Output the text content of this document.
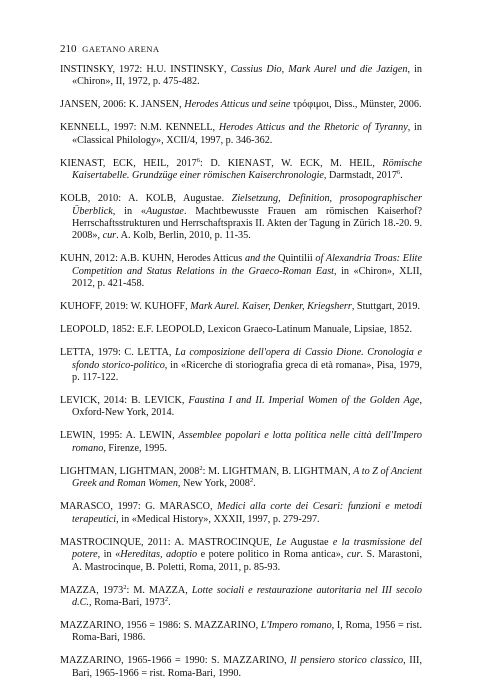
210 GAETANO ARENA
INSTINSKY, 1972: H.U. INSTINSKY, Cassius Dio, Mark Aurel und die Jazigen, in «Chiron», II, 1972, p. 475-482.
JANSEN, 2006: K. JANSEN, Herodes Atticus und seine τρόφιμοι, Diss., Münster, 2006.
KENNELL, 1997: N.M. KENNELL, Herodes Atticus and the Rhetoric of Tyranny, in «Classical Philology», XCII/4, 1997, p. 346-362.
KIENAST, ECK, HEIL, 2017$^6$: D. KIENAST, W. ECK, M. HEIL, Römische Kaisertabelle. Grundzüge einer römischen Kaiserchronologie, Darmstadt, 2017$^6$.
KOLB, 2010: A. KOLB, Augustae. Zielsetzung, Definition, prosopographischer Überblick, in «Augustae. Machtbewusste Frauen am römischen Kaiserhof? Herrschaftsstrukturen und Herrschaftspraxis II. Akten der Tagung in Zürich 18.-20. 9. 2008», cur. A. Kolb, Berlin, 2010, p. 11-35.
KUHN, 2012: A.B. KUHN, Herodes Atticus and the Quintilii of Alexandria Troas: Elite Competition and Status Relations in the Graeco-Roman East, in «Chiron», XLII, 2012, p. 421-458.
KUHOFF, 2019: W. KUHOFF, Mark Aurel. Kaiser, Denker, Kriegsherr, Stuttgart, 2019.
LEOPOLD, 1852: E.F. LEOPOLD, Lexicon Graeco-Latinum Manuale, Lipsiae, 1852.
LETTA, 1979: C. LETTA, La composizione dell'opera di Cassio Dione. Cronologia e sfondo storico-politico, in «Ricerche di storiografia greca di età romana», Pisa, 1979, p. 117-122.
LEVICK, 2014: B. LEVICK, Faustina I and II. Imperial Women of the Golden Age, Oxford-New York, 2014.
LEWIN, 1995: A. LEWIN, Assemblee popolari e lotta politica nelle città dell'Impero romano, Firenze, 1995.
LIGHTMAN, LIGHTMAN, 2008$^2$: M. LIGHTMAN, B. LIGHTMAN, A to Z of Ancient Greek and Roman Women, New York, 2008$^2$.
MARASCO, 1997: G. MARASCO, Medici alla corte dei Cesari: funzioni e metodi terapeutici, in «Medical History», XXXII, 1997, p. 279-297.
MASTROCINQUE, 2011: A. MASTROCINQUE, Le Augustae e la trasmissione del potere, in «Hereditas, adoptio e potere politico in Roma antica», cur. S. Marastoni, A. Mastrocinque, B. Poletti, Roma, 2011, p. 85-93.
MAZZA, 1973$^2$: M. MAZZA, Lotte sociali e restaurazione autoritaria nel III secolo d.C., Roma-Bari, 1973$^2$.
MAZZARINO, 1956 = 1986: S. MAZZARINO, L'Impero romano, I, Roma, 1956 = rist. Roma-Bari, 1986.
MAZZARINO, 1965-1966 = 1990: S. MAZZARINO, Il pensiero storico classico, III, Bari, 1965-1966 = rist. Roma-Bari, 1990.
